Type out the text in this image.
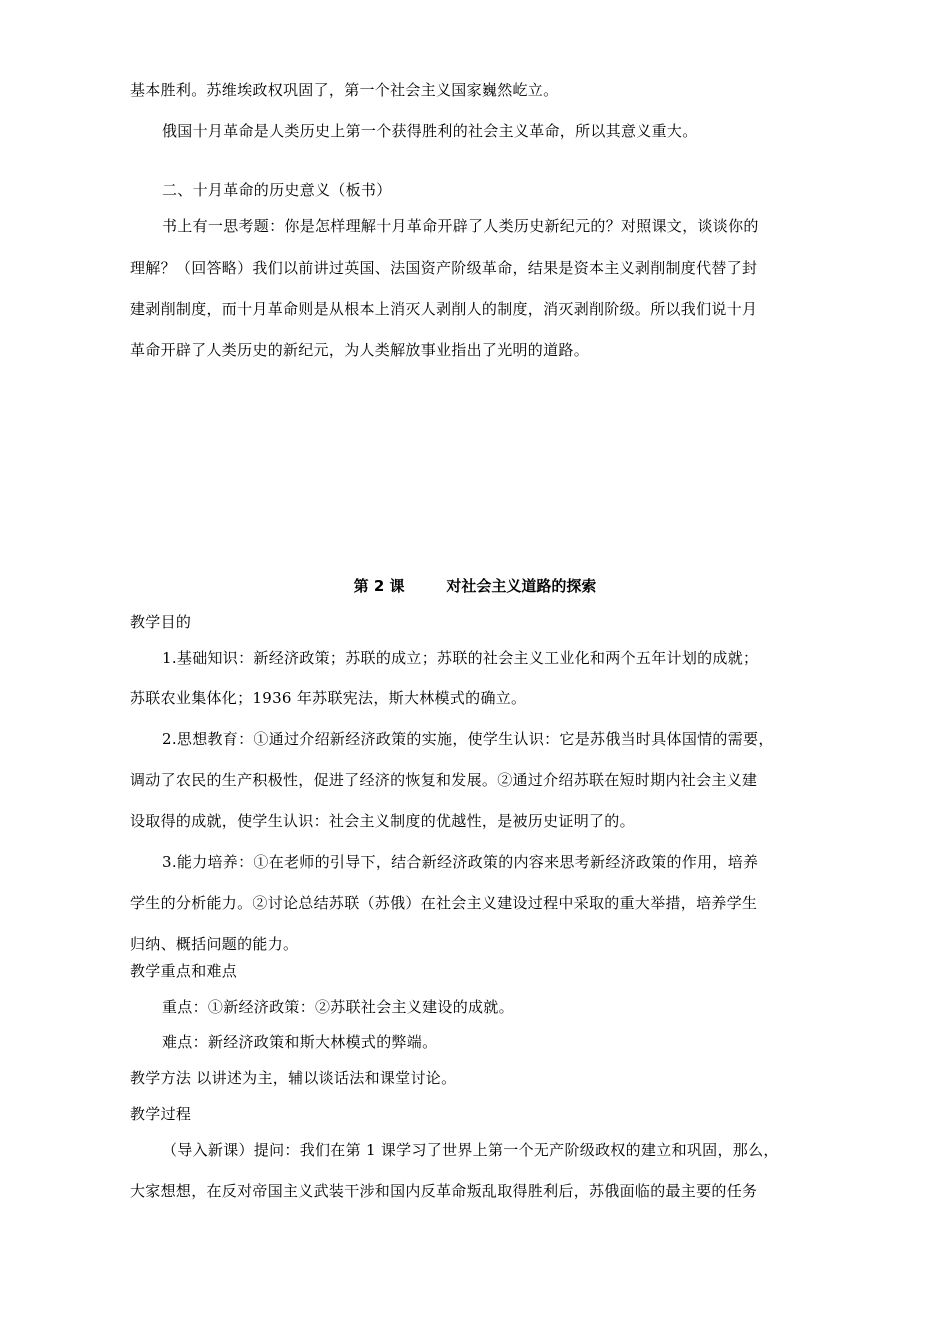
基本胜利。苏维埃政权巩固了，第一个社会主义国家巍然屹立。

俄国十月革命是人类历史上第一个获得胜利的社会主义革命，所以其意义重大。

二、十月革命的历史意义（板书）

书上有一思考题：你是怎样理解十月革命开辟了人类历史新纪元的？对照课文，谈谈你的

理解？（回答略）我们以前讲过英国、法国资产阶级革命，结果是资本主义剥削制度代替了封

建剥削制度，而十月革命则是从根本上消灭人剥削人的制度，消灭剥削阶级。所以我们说十月

革命开辟了人类历史的新纪元，为人类解放事业指出了光明的道路。

第 2 课        对社会主义道路的探索

教学目的

1.基础知识：新经济政策；苏联的成立；苏联的社会主义工业化和两个五年计划的成就；

苏联农业集体化；1936 年苏联宪法，斯大林模式的确立。

2.思想教育：①通过介绍新经济政策的实施，使学生认识：它是苏俄当时具体国情的需要，

调动了农民的生产积极性，促进了经济的恢复和发展。②通过介绍苏联在短时期内社会主义建

设取得的成就，使学生认识：社会主义制度的优越性，是被历史证明了的。

3.能力培养：①在老师的引导下，结合新经济政策的内容来思考新经济政策的作用，培养

学生的分析能力。②讨论总结苏联（苏俄）在社会主义建设过程中采取的重大举措，培养学生

归纳、概括问题的能力。

教学重点和难点

重点：①新经济政策：②苏联社会主义建设的成就。

难点：新经济政策和斯大林模式的弊端。

教学方法 以讲述为主，辅以谈话法和课堂讨论。

教学过程

（导入新课）提问：我们在第 1 课学习了世界上第一个无产阶级政权的建立和巩固，那么，

大家想想，在反对帝国主义武装干涉和国内反革命叛乱取得胜利后，苏俄面临的最主要的任务
